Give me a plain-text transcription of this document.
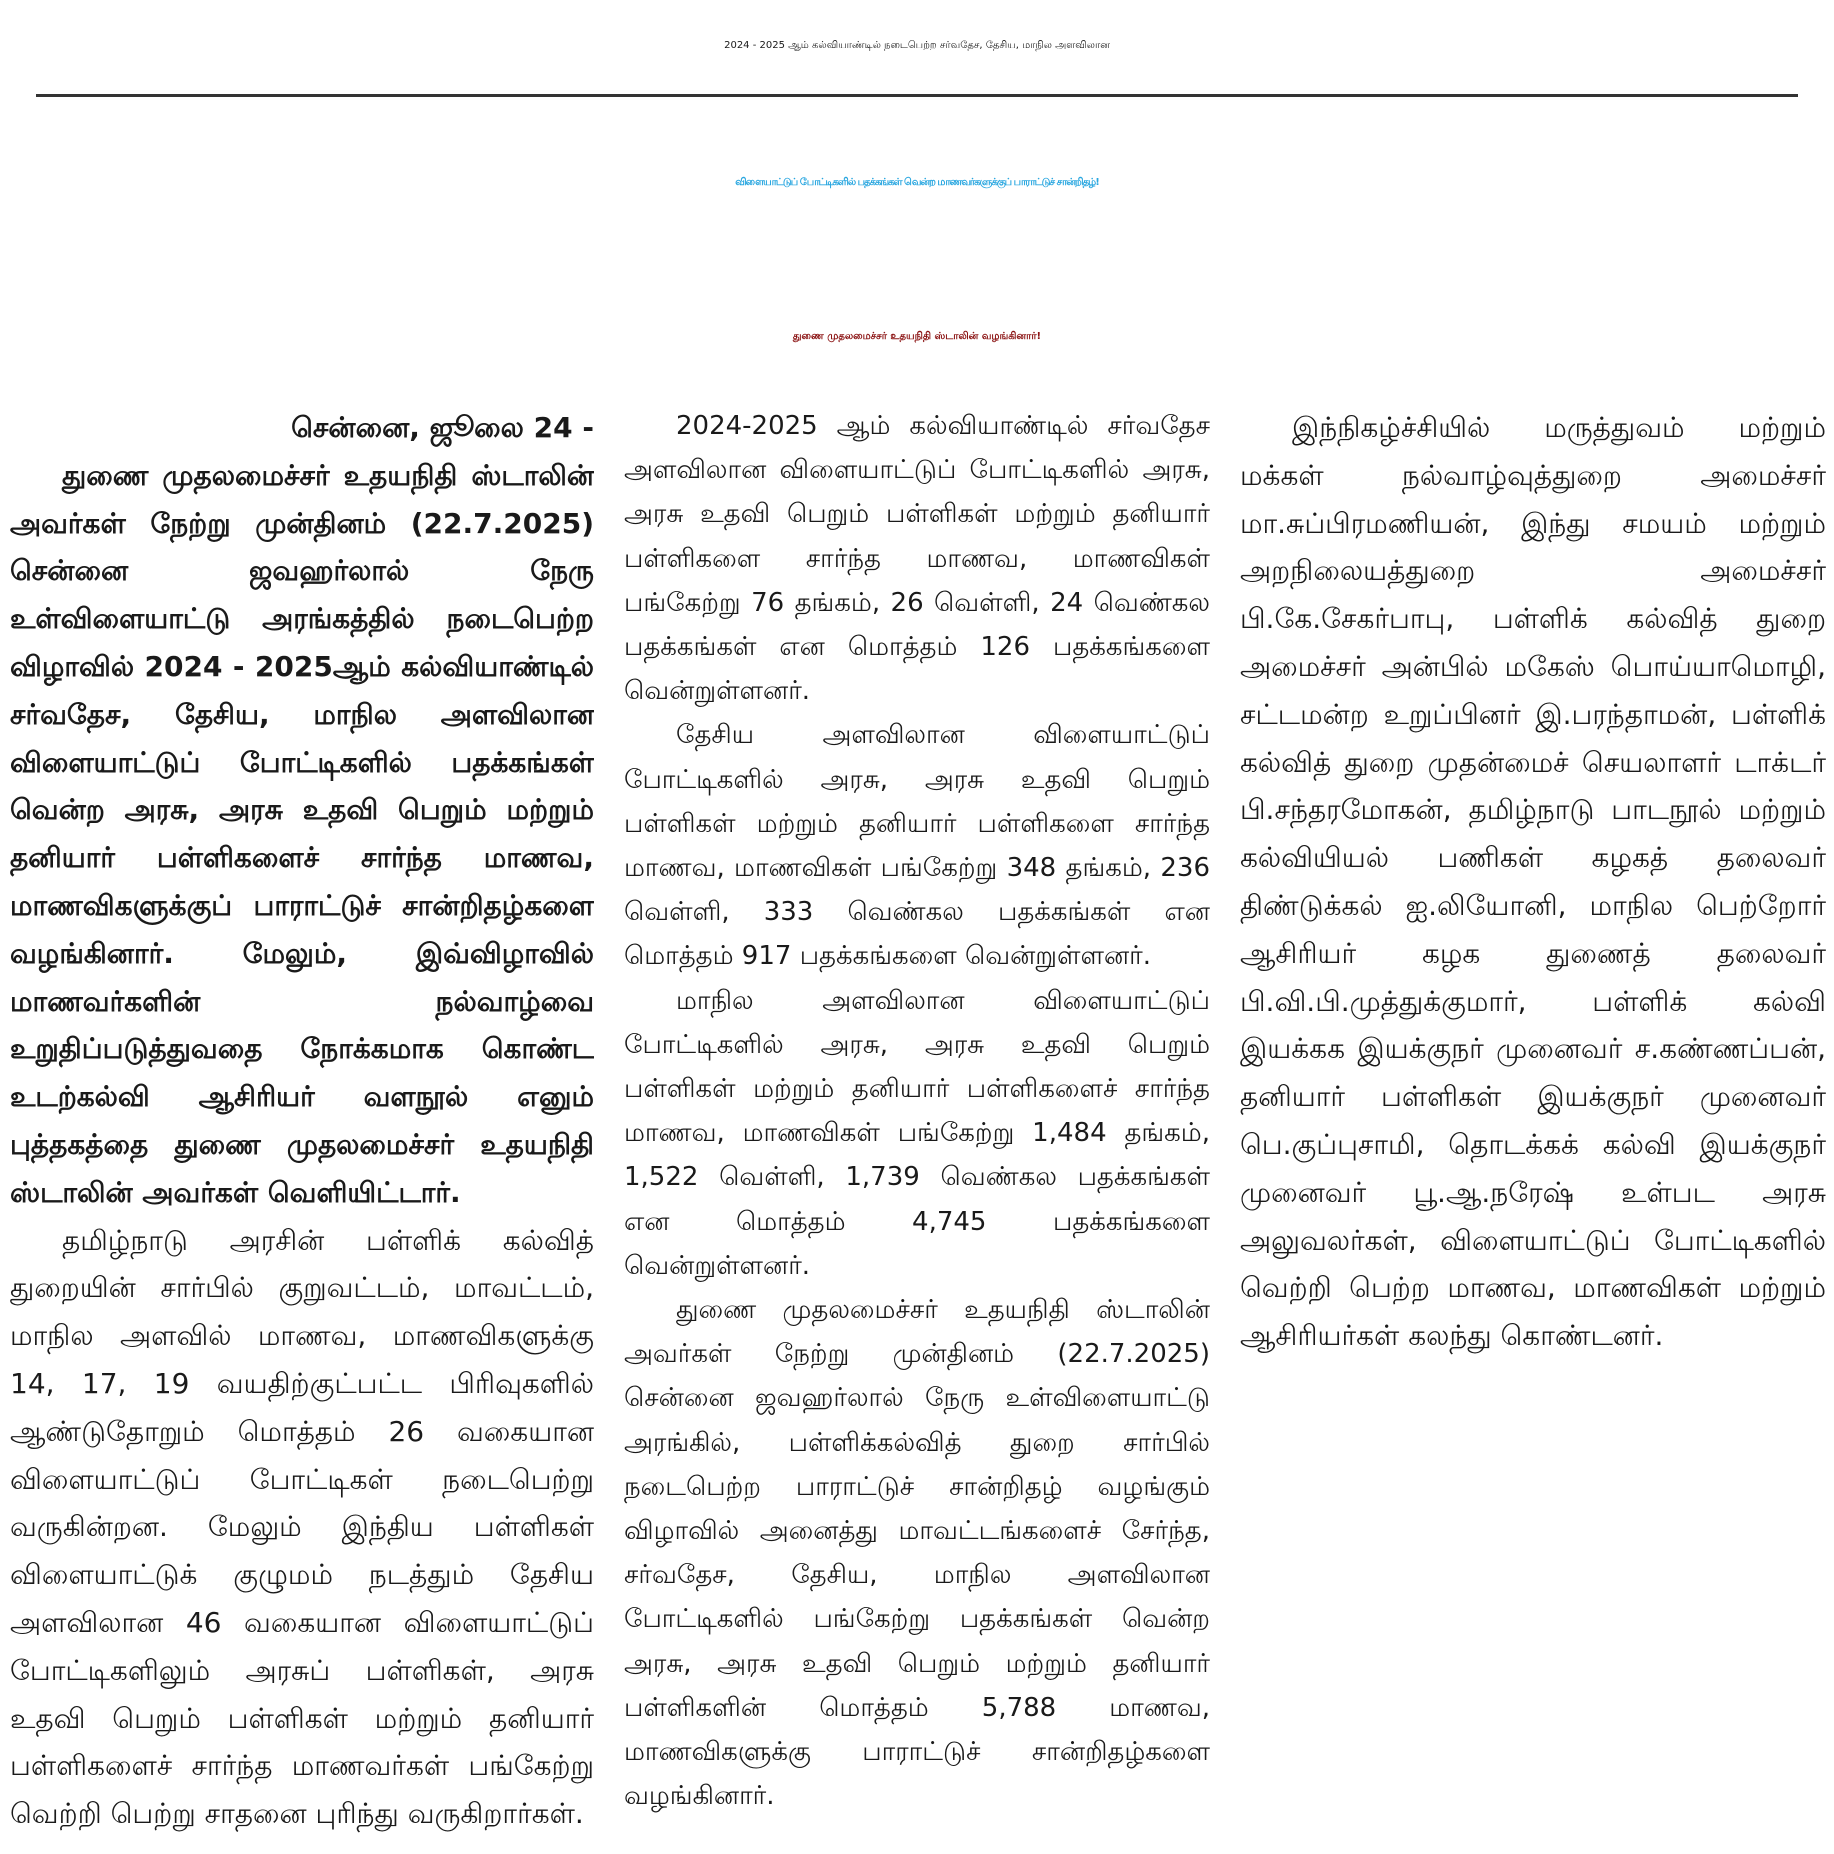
2024 - 2025 ஆம் கல்வியாண்டில் நடைபெற்ற சர்வதேச, தேசிய, மாநில அளவிலான
விளையாட்டுப் போட்டிகளில் பதக்கங்கள் வென்ற மாணவர்களுக்குப் பாராட்டுச் சான்றிதழ்!
துணை முதலமைச்சர் உதயநிதி ஸ்டாலின் வழங்கினார்!
சென்னை, ஜூலை 24 -

துணை முதலமைச்சர் உதயநிதி ஸ்டாலின் அவர்கள் நேற்று முன்தினம் (22.7.2025) சென்னை ஜவஹர்லால் நேரு உள்விளையாட்டு அரங்கத்தில் நடைபெற்ற விழாவில் 2024 - 2025ஆம் கல்வியாண்டில் சர்வதேச, தேசிய, மாநில அளவிலான விளையாட்டுப் போட்டிகளில் பதக்கங்கள் வென்ற அரசு, அரசு உதவி பெறும் மற்றும் தனியார் பள்ளிகளைச் சார்ந்த மாணவ, மாணவிகளுக்குப் பாராட்டுச் சான்றிதழ்களை வழங்கினார். மேலும், இவ்விழாவில் மாணவர்களின் நல்வாழ்வை உறுதிப்படுத்துவதை நோக்கமாக கொண்ட உடற்கல்வி ஆசிரியர் வளநூல் எனும் புத்தகத்தை துணை முதலமைச்சர் உதயநிதி ஸ்டாலின் அவர்கள் வெளியிட்டார்.

தமிழ்நாடு அரசின் பள்ளிக் கல்வித் துறையின் சார்பில் குறுவட்டம், மாவட்டம், மாநில அளவில் மாணவ, மாணவிகளுக்கு 14, 17, 19 வயதிற்குட்பட்ட பிரிவுகளில் ஆண்டுதோறும் மொத்தம் 26 வகையான விளையாட்டுப் போட்டிகள் நடைபெற்று வருகின்றன. மேலும் இந்திய பள்ளிகள் விளையாட்டுக் குழுமம் நடத்தும் தேசிய அளவிலான 46 வகையான விளையாட்டுப் போட்டிகளிலும் அரசுப் பள்ளிகள், அரசு உதவி பெறும் பள்ளிகள் மற்றும் தனியார் பள்ளிகளைச் சார்ந்த மாணவர்கள் பங்கேற்று வெற்றி பெற்று சாதனை புரிந்து வருகிறார்கள்.

2024-2025 ஆம் கல்வியாண்டில் சர்வதேச அளவிலான விளையாட்டுப் போட்டிகளில் அரசு, அரசு உதவி பெறும் பள்ளிகள் மற்றும் தனியார் பள்ளிகளை சார்ந்த மாணவ, மாணவிகள் பங்கேற்று 76 தங்கம், 26 வெள்ளி, 24 வெண்கல பதக்கங்கள் என மொத்தம் 126 பதக்கங்களை வென்றுள்ளனர்.

தேசிய அளவிலான விளையாட்டுப் போட்டிகளில் அரசு, அரசு உதவி பெறும் பள்ளிகள் மற்றும் தனியார் பள்ளிகளை சார்ந்த மாணவ, மாணவிகள் பங்கேற்று 348 தங்கம், 236 வெள்ளி, 333 வெண்கல பதக்கங்கள் என மொத்தம் 917 பதக்கங்களை வென்றுள்ளனர்.

மாநில அளவிலான விளையாட்டுப் போட்டிகளில் அரசு, அரசு உதவி பெறும் பள்ளிகள் மற்றும் தனியார் பள்ளிகளைச் சார்ந்த மாணவ, மாணவிகள் பங்கேற்று 1,484 தங்கம், 1,522 வெள்ளி, 1,739 வெண்கல பதக்கங்கள் என மொத்தம் 4,745 பதக்கங்களை வென்றுள்ளனர்.

துணை முதலமைச்சர் உதயநிதி ஸ்டாலின் அவர்கள் நேற்று முன்தினம் (22.7.2025) சென்னை ஜவஹர்லால் நேரு உள்விளையாட்டு அரங்கில், பள்ளிக்கல்வித் துறை சார்பில் நடைபெற்ற பாராட்டுச் சான்றிதழ் வழங்கும் விழாவில் அனைத்து மாவட்டங்களைச் சேர்ந்த, சர்வதேச, தேசிய, மாநில அளவிலான போட்டிகளில் பங்கேற்று பதக்கங்கள் வென்ற அரசு, அரசு உதவி பெறும் மற்றும் தனியார் பள்ளிகளின் மொத்தம் 5,788 மாணவ, மாணவிகளுக்கு பாராட்டுச் சான்றிதழ்களை வழங்கினார்.

இந்நிகழ்ச்சியில் மருத்துவம் மற்றும் மக்கள் நல்வாழ்வுத்துறை அமைச்சர் மா.சுப்பிரமணியன், இந்து சமயம் மற்றும் அறநிலையத்துறை அமைச்சர் பி.கே.சேகர்பாபு, பள்ளிக் கல்வித் துறை அமைச்சர் அன்பில் மகேஸ் பொய்யாமொழி, சட்டமன்ற உறுப்பினர் இ.பரந்தாமன், பள்ளிக் கல்வித் துறை முதன்மைச் செயலாளர் டாக்டர் பி.சந்தரமோகன், தமிழ்நாடு பாடநூல் மற்றும் கல்வியியல் பணிகள் கழகத் தலைவர் திண்டுக்கல் ஐ.லியோனி, மாநில பெற்றோர் ஆசிரியர் கழக துணைத் தலைவர் பி.வி.பி.முத்துக்குமார், பள்ளிக் கல்வி இயக்கக இயக்குநர் முனைவர் ச.கண்ணப்பன், தனியார் பள்ளிகள் இயக்குநர் முனைவர் பெ.குப்புசாமி, தொடக்கக் கல்வி இயக்குநர் முனைவர் பூ.ஆ.நரேஷ் உள்பட அரசு அலுவலர்கள், விளையாட்டுப் போட்டிகளில் வெற்றி பெற்ற மாணவ, மாணவிகள் மற்றும் ஆசிரியர்கள் கலந்து கொண்டனர்.
